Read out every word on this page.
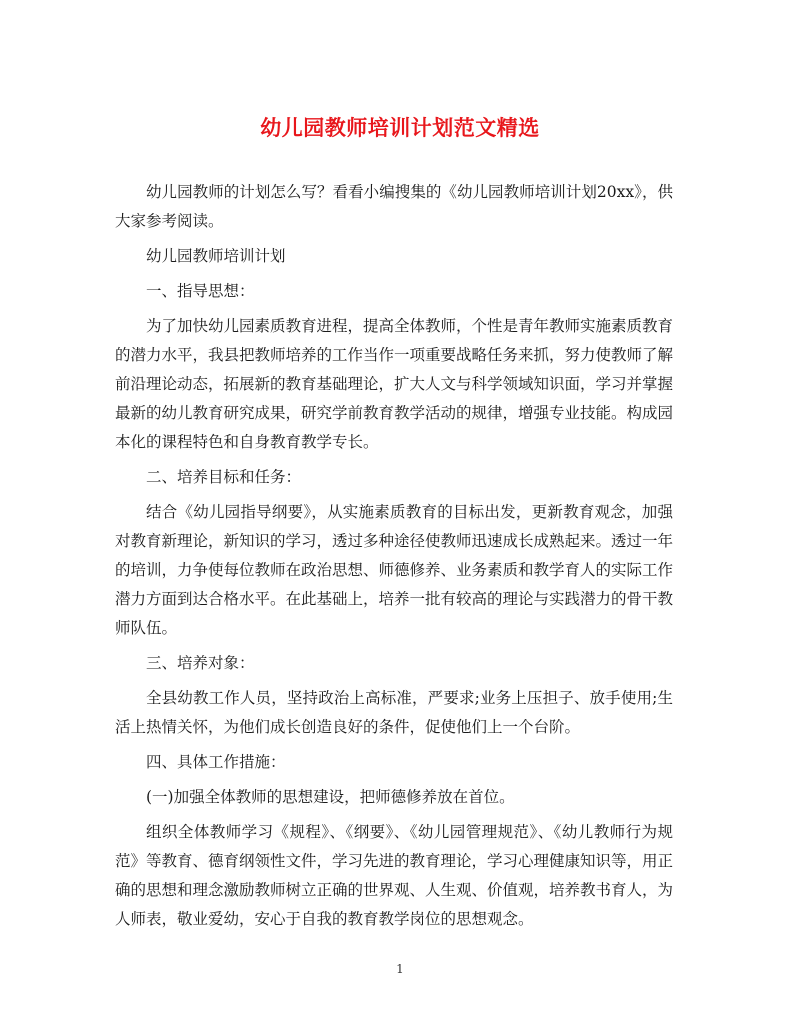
幼儿园教师培训计划范文精选

幼儿园教师的计划怎么写？看看小编搜集的《幼儿园教师培训计划20xx》，供大家参考阅读。

幼儿园教师培训计划

一、指导思想：

为了加快幼儿园素质教育进程，提高全体教师，个性是青年教师实施素质教育的潜力水平，我县把教师培养的工作当作一项重要战略任务来抓，努力使教师了解前沿理论动态，拓展新的教育基础理论，扩大人文与科学领域知识面，学习并掌握最新的幼儿教育研究成果，研究学前教育教学活动的规律，增强专业技能。构成园本化的课程特色和自身教育教学专长。

二、培养目标和任务：

结合《幼儿园指导纲要》，从实施素质教育的目标出发，更新教育观念，加强对教育新理论，新知识的学习，透过多种途径使教师迅速成长成熟起来。透过一年的培训，力争使每位教师在政治思想、师德修养、业务素质和教学育人的实际工作潜力方面到达合格水平。在此基础上，培养一批有较高的理论与实践潜力的骨干教师队伍。

三、培养对象：

全县幼教工作人员，坚持政治上高标准，严要求;业务上压担子、放手使用;生活上热情关怀，为他们成长创造良好的条件，促使他们上一个台阶。

四、具体工作措施：

(一)加强全体教师的思想建设，把师德修养放在首位。

组织全体教师学习《规程》、《纲要》、《幼儿园管理规范》、《幼儿教师行为规范》等教育、德育纲领性文件，学习先进的教育理论，学习心理健康知识等，用正确的思想和理念激励教师树立正确的世界观、人生观、价值观，培养教书育人，为人师表，敬业爱幼，安心于自我的教育教学岗位的思想观念。

1
